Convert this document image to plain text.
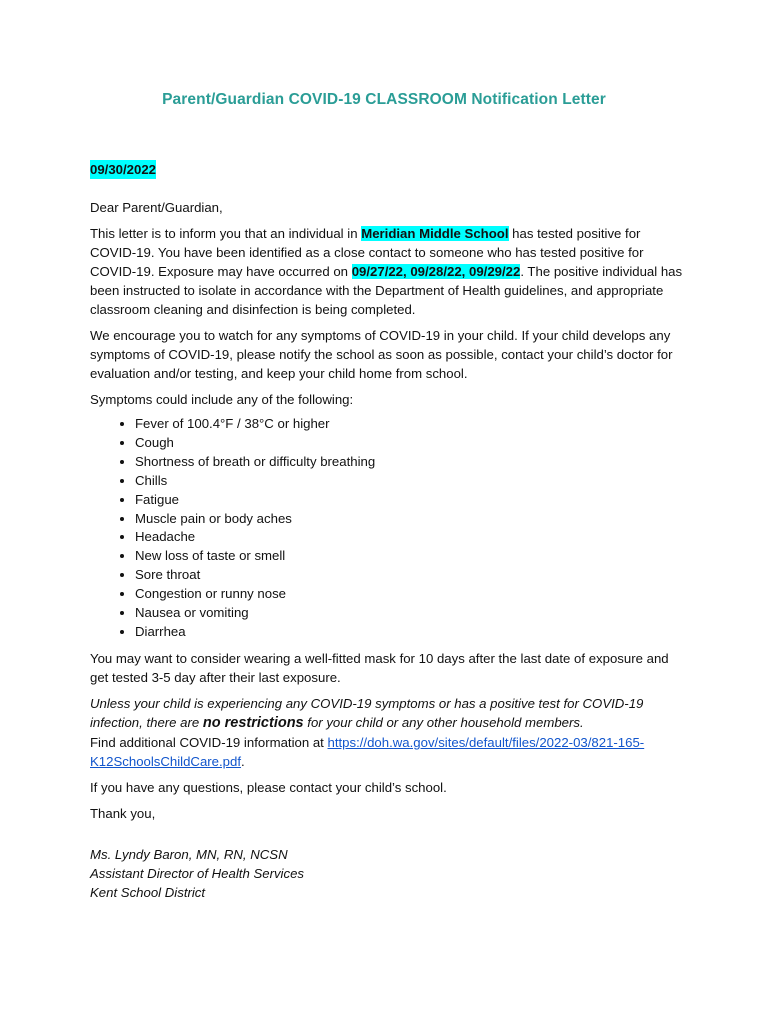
Parent/Guardian COVID-19 CLASSROOM Notification Letter
09/30/2022

Dear Parent/Guardian,

This letter is to inform you that an individual in Meridian Middle School has tested positive for COVID-19. You have been identified as a close contact to someone who has tested positive for COVID-19. Exposure may have occurred on 09/27/22, 09/28/22, 09/29/22. The positive individual has been instructed to isolate in accordance with the Department of Health guidelines, and appropriate classroom cleaning and disinfection is being completed.

We encourage you to watch for any symptoms of COVID-19 in your child. If your child develops any symptoms of COVID-19, please notify the school as soon as possible, contact your child’s doctor for evaluation and/or testing, and keep your child home from school.

Symptoms could include any of the following:

• Fever of 100.4°F / 38°C or higher
• Cough
• Shortness of breath or difficulty breathing
• Chills
• Fatigue
• Muscle pain or body aches
• Headache
• New loss of taste or smell
• Sore throat
• Congestion or runny nose
• Nausea or vomiting
• Diarrhea

You may want to consider wearing a well-fitted mask for 10 days after the last date of exposure and get tested 3-5 day after their last exposure.

Unless your child is experiencing any COVID-19 symptoms or has a positive test for COVID-19 infection, there are no restrictions for your child or any other household members.

Find additional COVID-19 information at https://doh.wa.gov/sites/default/files/2022-03/821-165-K12SchoolsChildCare.pdf.

If you have any questions, please contact your child’s school.

Thank you,

Ms. Lyndy Baron, MN, RN, NCSN

Assistant Director of Health Services

Kent School District
